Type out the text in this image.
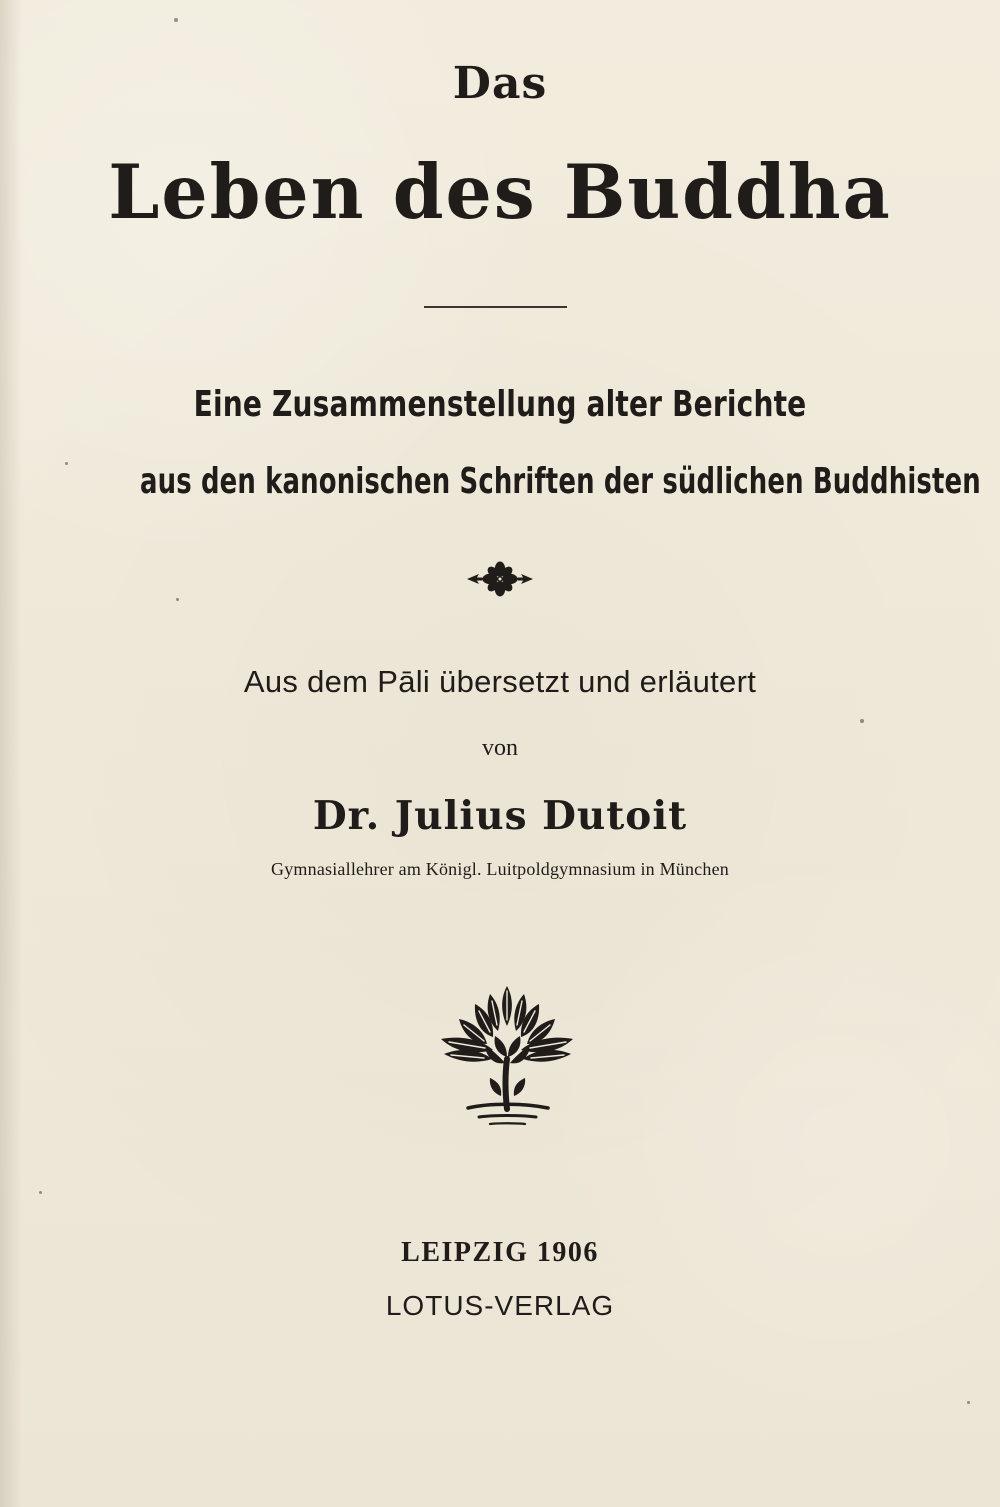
Das
Leben des Buddha
Eine Zusammenstellung alter Berichte
aus den kanonischen Schriften der südlichen Buddhisten
Aus dem Pāli übersetzt und erläutert
von
Dr. Julius Dutoit
Gymnasiallehrer am Königl. Luitpoldgymnasium in München
LEIPZIG 1906
LOTUS-VERLAG
